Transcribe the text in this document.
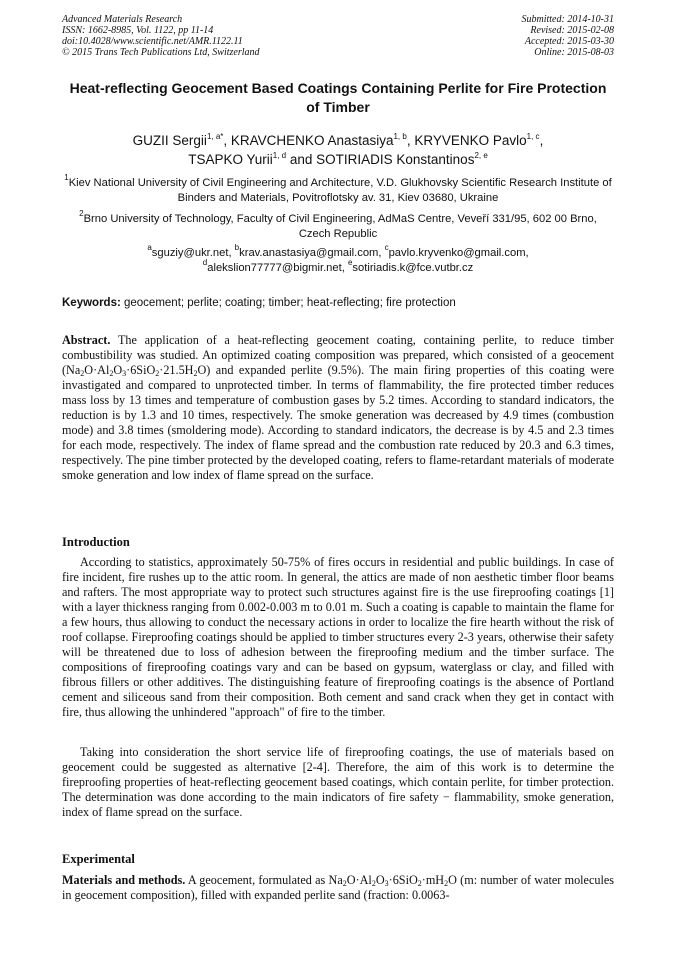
Advanced Materials Research
ISSN: 1662-8985, Vol. 1122, pp 11-14
doi:10.4028/www.scientific.net/AMR.1122.11
© 2015 Trans Tech Publications Ltd, Switzerland
Submitted: 2014-10-31
Revised: 2015-02-08
Accepted: 2015-03-30
Online: 2015-08-03
Heat-reflecting Geocement Based Coatings Containing Perlite for Fire Protection of Timber
GUZII Sergii$^{1, a*}$, KRAVCHENKO Anastasiya$^{1, b}$, KRYVENKO Pavlo$^{1, c}$,
TSAPKO Yurii$^{1, d}$ and SOTIRIADIS Konstantinos$^{2, e}$
$^1$Kiev National University of Civil Engineering and Architecture, V.D. Glukhovsky Scientific Research Institute of Binders and Materials, Povitroflotsky av. 31, Kiev 03680, Ukraine
$^2$Brno University of Technology, Faculty of Civil Engineering, AdMaS Centre, Veveří 331/95, 602 00 Brno, Czech Republic
$^a$sguziy@ukr.net, $^b$krav.anastasiya@gmail.com, $^c$pavlo.kryvenko@gmail.com,
$^d$alekslion77777@bigmir.net, $^e$sotiriadis.k@fce.vutbr.cz
Keywords: geocement; perlite; coating; timber; heat-reflecting; fire protection
Abstract. The application of a heat-reflecting geocement coating, containing perlite, to reduce timber combustibility was studied. An optimized coating composition was prepared, which consisted of a geocement $(Na_2O\cdot Al_2O_3\cdot 6SiO_2\cdot 21.5H_2O)$ and expanded perlite (9.5%). The main firing properties of this coating were invastigated and compared to unprotected timber. In terms of flammability, the fire protected timber reduces mass loss by 13 times and temperature of combustion gases by 5.2 times. According to standard indicators, the reduction is by 1.3 and 10 times, respectively. The smoke generation was decreased by 4.9 times (combustion mode) and 3.8 times (smoldering mode). According to standard indicators, the decrease is by 4.5 and 2.3 times for each mode, respectively. The index of flame spread and the combustion rate reduced by 20.3 and 6.3 times, respectively. The pine timber protected by the developed coating, refers to flame-retardant materials of moderate smoke generation and low index of flame spread on the surface.
Introduction
According to statistics, approximately 50-75% of fires occurs in residential and public buildings. In case of fire incident, fire rushes up to the attic room. In general, the attics are made of non aesthetic timber floor beams and rafters. The most appropriate way to protect such structures against fire is the use fireproofing coatings [1] with a layer thickness ranging from 0.002-0.003 m to 0.01 m. Such a coating is capable to maintain the flame for a few hours, thus allowing to conduct the necessary actions in order to localize the fire hearth without the risk of roof collapse. Fireproofing coatings should be applied to timber structures every 2-3 years, otherwise their safety will be threatened due to loss of adhesion between the fireproofing medium and the timber surface. The compositions of fireproofing coatings vary and can be based on gypsum, waterglass or clay, and filled with fibrous fillers or other additives. The distinguishing feature of fireproofing coatings is the absence of Portland cement and siliceous sand from their composition. Both cement and sand crack when they get in contact with fire, thus allowing the unhindered "approach" of fire to the timber.
Taking into consideration the short service life of fireproofing coatings, the use of materials based on geocement could be suggested as alternative [2-4]. Therefore, the aim of this work is to determine the fireproofing properties of heat-reflecting geocement based coatings, which contain perlite, for timber protection. The determination was done according to the main indicators of fire safety − flammability, smoke generation, index of flame spread on the surface.
Experimental
Materials and methods. A geocement, formulated as $Na_2O\cdot Al_2O_3\cdot 6SiO_2\cdot mH_2O$ (m: number of water molecules in geocement composition), filled with expanded perlite sand (fraction: 0.0063-
